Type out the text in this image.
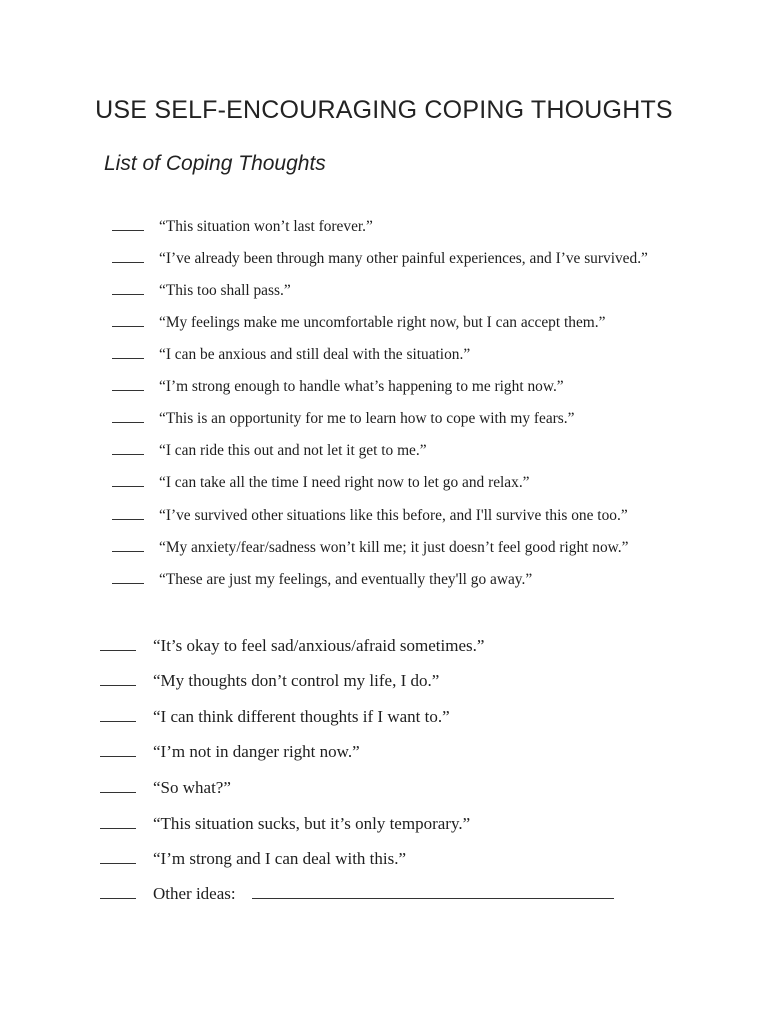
USE SELF-ENCOURAGING COPING THOUGHTS
List of Coping Thoughts
“This situation won’t last forever.”
“I’ve already been through many other painful experiences, and I’ve survived.”
“This too shall pass.”
“My feelings make me uncomfortable right now, but I can accept them.”
“I can be anxious and still deal with the situation.”
“I’m strong enough to handle what’s happening to me right now.”
“This is an opportunity for me to learn how to cope with my fears.”
“I can ride this out and not let it get to me.”
“I can take all the time I need right now to let go and relax.”
“I’ve survived other situations like this before, and I'll survive this one too.”
“My anxiety/fear/sadness won’t kill me; it just doesn’t feel good right now.”
“These are just my feelings, and eventually they'll go away.”
“It’s okay to feel sad/anxious/afraid sometimes.”
“My thoughts don’t control my life, I do.”
“I can think different thoughts if I want to.”
“I’m not in danger right now.”
“So what?”
“This situation sucks, but it’s only temporary.”
“I’m strong and I can deal with this.”
Other ideas:
